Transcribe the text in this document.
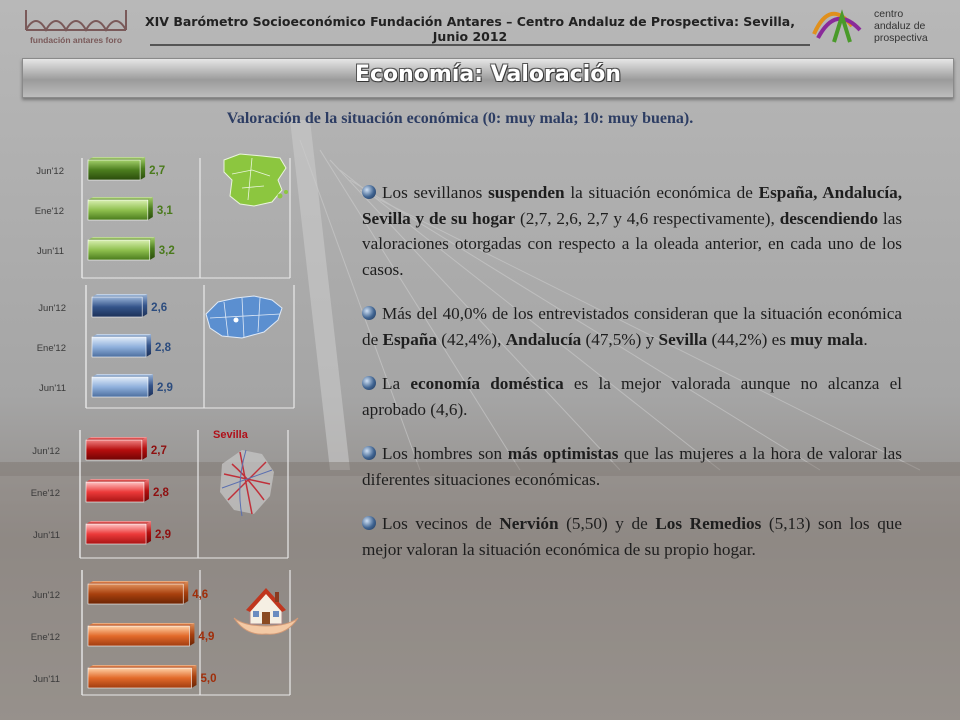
fundación antares foro
XIV Barómetro Socioeconómico Fundación Antares – Centro Andaluz de Prospectiva: Sevilla, Junio 2012
centro
andaluz de
prospectiva
Economía: Valoración
Valoración de la situación económica (0: muy mala; 10: muy buena).
Jun'12	2,7
Ene'12	3,1
Jun'11	3,2
Jun'12	2,6
Ene'12	2,8
Jun'11	2,9
Jun'12	2,7
Ene'12	2,8
Jun'11	2,9
Jun'12	4,6
Ene'12	4,9
Jun'11	5,0
Sevilla

Los sevillanos suspenden la situación económica de España, Andalucía, Sevilla y de su hogar (2,7, 2,6, 2,7 y 4,6 respectivamente), descendiendo las valoraciones otorgadas con respecto a la oleada anterior, en cada uno de los casos.

Más del 40,0% de los entrevistados consideran que la situación económica de España (42,4%), Andalucía (47,5%) y Sevilla (44,2%) es muy mala.

La economía doméstica es la mejor valorada aunque no alcanza el aprobado (4,6).

Los hombres son más optimistas que las mujeres a la hora de valorar las diferentes situaciones económicas.

Los vecinos de Nervión (5,50) y de Los Remedios (5,13) son los que mejor valoran la situación económica de su propio hogar.
